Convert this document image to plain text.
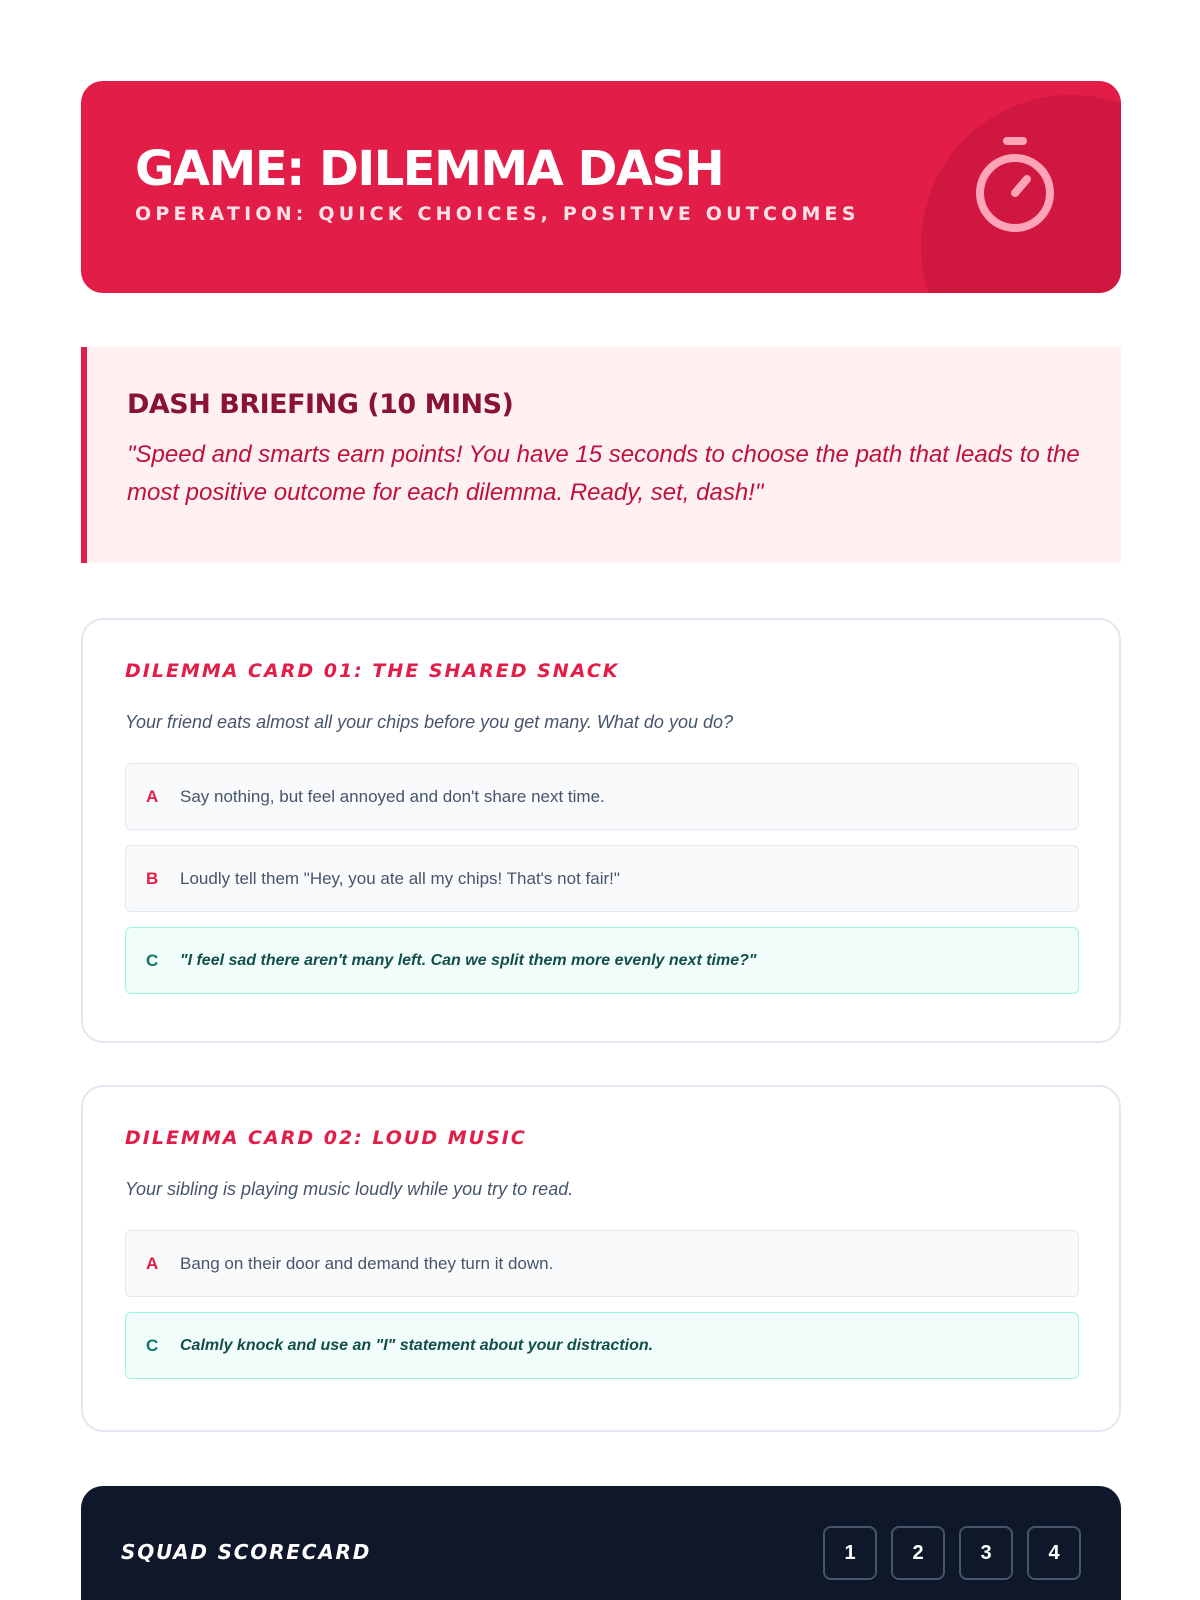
GAME: DILEMMA DASH
OPERATION: QUICK CHOICES, POSITIVE OUTCOMES
DASH BRIEFING (10 MINS)

"Speed and smarts earn points! You have 15 seconds to choose the path that leads to the most positive outcome for each dilemma. Ready, set, dash!"

DILEMMA CARD 01: THE SHARED SNACK

Your friend eats almost all your chips before you get many. What do you do?

A	Say nothing, but feel annoyed and don't share next time.
B	Loudly tell them "Hey, you ate all my chips! That's not fair!"
C	"I feel sad there aren't many left. Can we split them more evenly next time?"
DILEMMA CARD 02: LOUD MUSIC

Your sibling is playing music loudly while you try to read.

A	Bang on their door and demand they turn it down.
C	Calmly knock and use an "I" statement about your distraction.
SQUAD SCORECARD	1	2	3	4
